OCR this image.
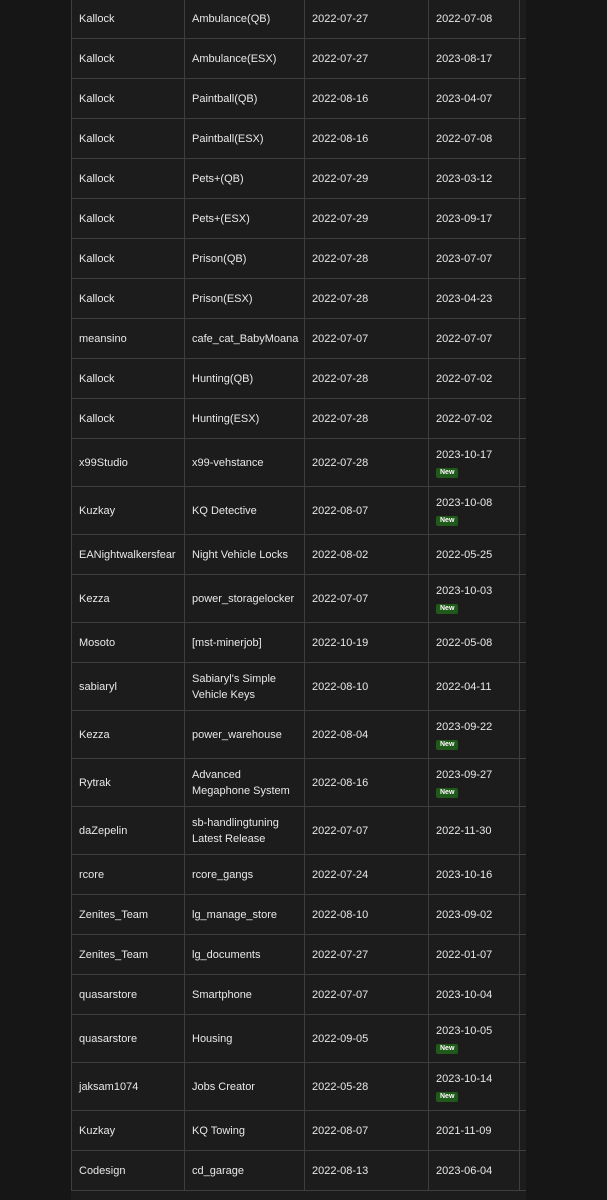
Kallock	Ambulance(QB)	2022-07-27	2022-07-08	

Kallock	Ambulance(ESX)	2022-07-27	2023-08-17	

Kallock	Paintball(QB)	2022-08-16	2023-04-07	

Kallock	Paintball(ESX)	2022-08-16	2022-07-08	

Kallock	Pets+(QB)	2022-07-29	2023-03-12	

Kallock	Pets+(ESX)	2022-07-29	2023-09-17	

Kallock	Prison(QB)	2022-07-28	2023-07-07	

Kallock	Prison(ESX)	2022-07-28	2023-04-23	

meansino	cafe_cat_BabyMoana	2022-07-07	2022-07-07	

Kallock	Hunting(QB)	2022-07-28	2022-07-02	

Kallock	Hunting(ESX)	2022-07-28	2022-07-02	

x99Studio	x99-vehstance	2022-07-28	2023-10-17
New	

Kuzkay	KQ Detective	2022-08-07	2023-10-08
New	

EANightwalkersfear	Night Vehicle Locks	2022-08-02	2022-05-25	

Kezza	power_storagelocker	2022-07-07	2023-10-03
New	

Mosoto	[mst-minerjob]	2022-10-19	2022-05-08	

sabiaryl	Sabiaryl's Simple Vehicle Keys	2022-08-10	2022-04-11	

Kezza	power_warehouse	2022-08-04	2023-09-22
New	

Rytrak	Advanced Megaphone System	2022-08-16	2023-09-27
New	

daZepelin	sb-handlingtuning Latest Release	2022-07-07	2022-11-30	

rcore	rcore_gangs	2022-07-24	2023-10-16	

Zenites_Team	lg_manage_store	2022-08-10	2023-09-02	

Zenites_Team	lg_documents	2022-07-27	2022-01-07	

quasarstore	Smartphone	2022-07-07	2023-10-04	

quasarstore	Housing	2022-09-05	2023-10-05
New	

jaksam1074	Jobs Creator	2022-05-28	2023-10-14
New	

Kuzkay	KQ Towing	2022-08-07	2021-11-09	

Codesign	cd_garage	2022-08-13	2023-06-04	
